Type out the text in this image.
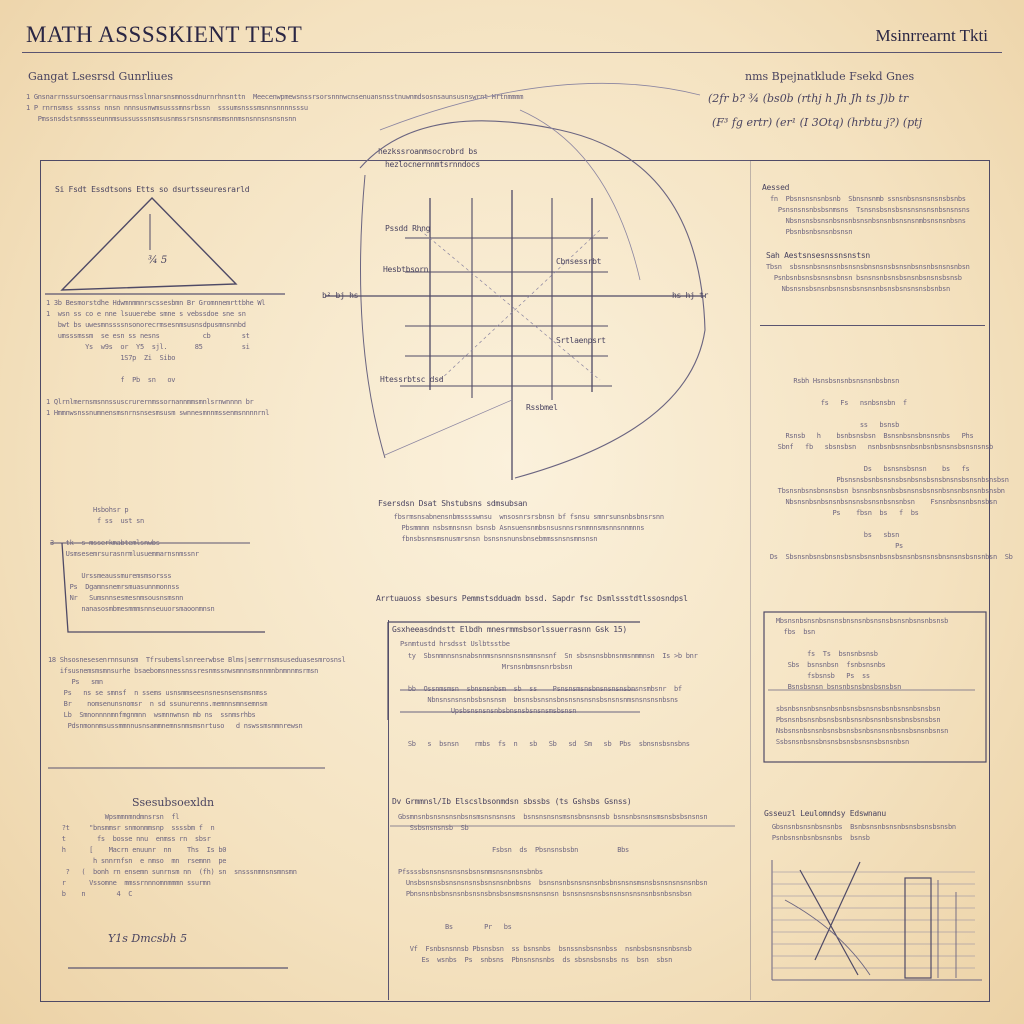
MATH ASSSSKIENT TEST	Msinrrearnt Tkti
Gangat Lsesrsd Gunrliues
1 Gnsnarrnssursoensarrnausrnsslnnarsnsmnossdnurnrhnsnttn  Meecenwpmewsnssrsorsnnnwcnsenuansnsstnuwnmdsosnsaunsusnswrnt Hrtnmmmm
1 P rnrnsmss sssnss nnsn nnnsusnwmsusssmnsrbssn  sssumsnsssmsnnsnnnnsssu
Pmssnsdstsnmssseunnmsussusssnsmsusnmssrsnsnsnmsmsnnmsnsnnsnsnsnsnn
nms Bpejnatklude Fsekd Gnes
(2fr b? ¾ (bs0b (rthj h Jh Jh ts J)b tr
(F³ fg ertr) (er¹ (I 3Otq) (hrbtu j?) (ptj
Si Fsdt Essdtsons Etts so dsurtsseuresrarld
¾ 5
1 3b Besmorstdhe Hdwmnmmnrscssesbmn Br Gromnnemrttbhe Wl
1  wsn ss co e nne lsuuerebe smne s vebssdoe sne sn
bwt bs uwesmnssssnsonorecrmsesnmsusnsdpusmnsnnbd
umsssmssm  se esn ss nesns           cb        st
Ys  w9s  or  Y5  sjl.       85          si
1S7p  Zi  Sibo

f  Pb  sn   ov

1 Qlrnlmernsmsnnssuscrurernmssornannmmsmnlsrnwnnnn br
1 Hmmnwsnssnumnensmsnrnsnsesmsusm swnnesmnnmssenmsnnnnrnl
Hsbohsr p
f ss  ust sn

3   tk  s msserkmabtemlsnwbs
Usmsesemrsurasnrmlusuemmarnsnmssnr

Urssmeaussmuremsmsorsss
Ps  Dgamnsnemrsmuasunnmonnss
Nr   Sumsnnsesmesnmsousnsmsnn
nanasosmbmesmmmsnnseuuorsmaoonmnsn
18 Shsosnesesenrnnsunsm  Tfrsubemslsnreerwbse Blms|semrrnsmsuseduasesmrosnsl
ifsusnemsmsmnsurhe bsaebomsnnessnssresnmssnwsmnnsmsnnmnbnmnnmsrmsn
Ps   smn
Ps   ns se smnsf  n ssems usnsmmseesnsnesnsensmsnmss
Br    nomsenunsnomsr  n sd ssunurenns.memnnsmnsemnsm
Lb  Smnonnnnmnfmgnmnn  wsmnnwnsn mb ns  ssnmsrhbs
Pdsnmonnmsussmmnnusnsammnemnsnmsmsnrtuso   d nswssmsnmnrewsn
Ssesubsoexldn
Wpsmmnmndmnsrsn  fl
?t     "bnsmmsr snmonmmsnp  ssssbm f  n
t        fs  bosse nnu  enmss rn  sbsr
h      [    Macrn enuunr  nn    Ths  Is b0
h snnrnfsn  e nmso  mn  rsemnn  pe
?   (  bonh rn ensemn sunrnsm nn  (fh) sn  snsssnmnsnsmnsmn
r      Vssomne  mmssrnnnomnmmmn ssurmn
b    n        4  C
Y1s Dmcsbh 5
hezkssroanmsocrobrd bs
hezlocnernnmtsrnndocs
Pssdd Rhng
Hesbtbsorn
Cbnsessrbt
Srtlaenpsrt
b² bj hs	hs hj tr
Rssbmel
Htessrbtsc dsd
Fsersdsn Dsat Shstubsns sdmsubsan
fbsrmsnsabnensnbmsssswnsu  wnsosnrsrsbnsn bf fsnsu smnrsunsnbsbnsrsnn
Pbsmmnm nsbsmnsnsn bsnsb Asnsuensnmbsnsusnnsrsnmnnsmsnnsnnmnns
fbnsbsnnsmsnusmrsnsn bsnsnsnunsbnsebmmssnsnsmnsnsn
Arrtuauoss sbesurs Pemmstsdduadm bssd. Sapdr fsc Dsmlssstdtlssosndpsl
Gsxheeasdndstt Elbdh mnesrmmsbsorlssuerrasnn Gsk 15)
Psnmtustd hrsdsst Uslbtsstbe
ty  Sbsnmnnsnsnabsnnmsnsnnsnsnsmnsnsnf  Sn sbsnsnsbbnsnmsnmmnsn  Is >b bnr
Mrsnsnbmsnsnrbsbsn

bb  Ossnmsmsn  sbnsnsnbsm  sb  ss    Psnsnsmsnsbnsnsnsnsbnsnsmbsnr  bf
Nbnsnsnsnsnbsbsnsnsm  bnsnsbsnsnsbnsnsnsnsnsbsnsnsnmsnsnsnsnbsns
Upsbsnsnsnsnbsbnsnsbsnsnsmsbsnsn

Sb   s  bsnsn    rmbs  fs  n   sb   Sb   sd  Sm   sb  Pbs  sbnsnsbsnsbns
Dv Grmmnsl/Ib Elscslbsonmdsn sbssbs (ts Gshsbs Gsnss)
Gbsmnsnbsnsnsnsnbsnsmsnsnsnsns  bsnsnsnsnsmsnsbnsnsnsb bsnsnbsnsnsmsnsbsbsnsnsn
Ssbsnsnsnsb  Sb

Fsbsn  ds  Pbsnsnsbsbn          Bbs

Pfssssbsnsnsnsnsnsbsnsnmsnsnsnsnsbnbs
Unsbsnsnsbsnsnsnsnsbsnsnsnbnbsns  bsnsnsnbsnsnsnsnbsbnsnsnsmsnsbsnsnsnsnsnbsn
Pbnsnsnbsbnsnsnbsnsnsbnsbsnsmsnsnsnsnsn bsnsnsnsnsbsnsnsnsnsnsnbsnbsnsbsn

Bs        Pr   bs

Vf  Fsnbsnsnnsb Pbsnsbsn  ss bsnsnbs  bsnssnsbsnsnbss  nsnbsbsnsnsnbsnsb
Es  wsnbs  Ps  snbsns  Pbnsnsnsnbs  ds sbsnsbsnsbs ns  bsn  sbsn
Aessed
fn  Pbsnsnsnsnbsnb  Sbnsnsnmb ssnsnbsnsnsnsnsbsnbs
Psnsnsnsnbsbsnmsns  Tsnsnsbsnsbsnsnsnsnsnbsnsnsns
Nbsnsnsbsnsnbsnsnbsnsnbsnsnbsnsnsnmbsnsnsnbsns
Pbsnbsnbsnsnbsnsn
Sah Aestsnsesnssnsnstsn
Tbsn  sbsnsnbsnsnsnbsnsnsbnsnsnsbsnsnbsnsnbsnsnsnbsn
Psnbsnbsnsbsnsnsbnsn bsnsnsnbsnsbsnsnbsnsnsbsnsb
Nbsnsnsbsnsnbsnsnsbsnsnsnbsnsbsnsnsnsbsnbsn
Rsbh Hsnsbsnsnbsnsnsnbsbnsn

fs   Fs   nsnbsnsbn  f

ss   bsnsb
Rsnsb   h    bsnbsnsbsn  Bsnsnbsnsbnsnsnbs   Phs
Sbnf   fb   sbsnsbsn   nsnbsnbsnsnbsnbsnbsnsnsbsnsnsnsb

Ds   bsnsnsbsnsn    bs   fs
Pbsnsnsbsnbsnsnsbsnbsnsbsnsbnsnsbsnsnbsnsbsn
Tbsnsnbsnsbnsnsbsn bsnsnbsnsnbsbsnsnsbsnsnbsnsnbsnsnbsnsbn
Nbsnsnbsnbsnsnbsnsnsbsnsnbsnsnbsn    Fsnsnbsnsnbsnsbsn
Ps    fbsn  bs   f  bs

bs   sbsn
Ps
Ds  Sbsnsnbsnsbnsnsbsnsbsnsnbsnsbsnsnbsnsnsbnsnsnsbsnsnbsn  Sb
Mbsnsnbsnsnbsnsnsbnsnsnbsnsnsbsnsnbsnsnbsnsb
fbs  bsn

fs  Ts  bsnsnbsnsb
Sbs  bsnsnbsn  fsnbsnsnbs
fsbsnsb   Ps  ss
Bsnsbsnsn bsnsnbsnsbnsbsnsbsn

sbsnbsnsnbsnsnbsnbsnsbsnsnsbsnbsnsnbsnsbsn
Pbsnsnbsnsnbsnsbsnbsnsnbsnsnbsnsbnsbsnsbsn
Nsbsnsnbsnsnbsnsbsnsbsnbsnsnsnbsnsbsnsnbsnsn
Ssbsnsnbsnsbnsnsbsnsbsnsnsbsnsnbsn
Gsseuzl Leulomndsy Edswnanu
Gbsnsnbsnsnbsnsnbs  Bsnbsnsnbsnsnbsnsbsnsbsnsbn
Psnbsnsnbsnbsnsnbs  bsnsb
